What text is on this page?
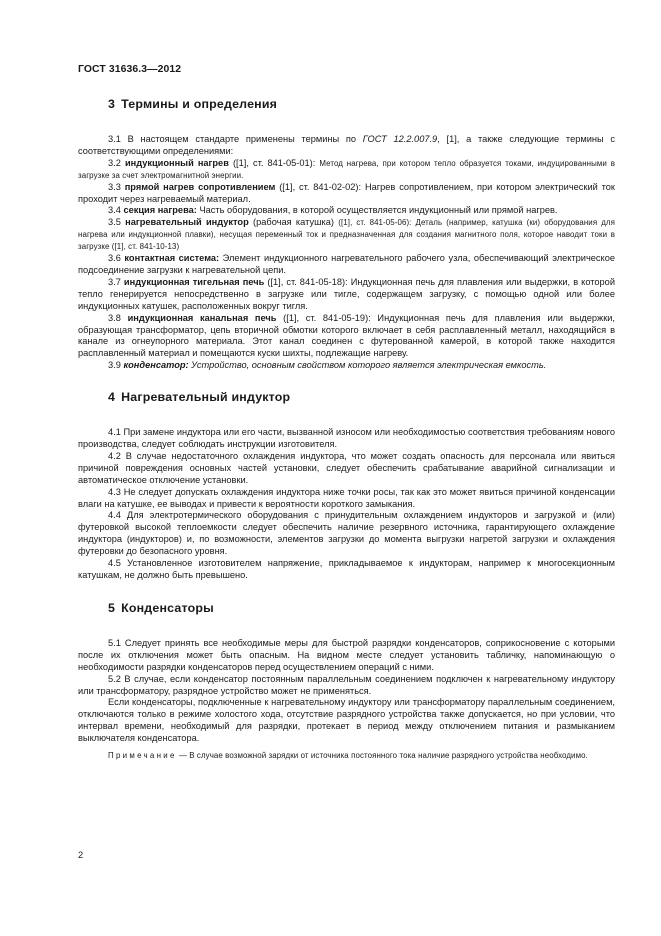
ГОСТ 31636.3—2012
3 Термины и определения

3.1 В настоящем стандарте применены термины по ГОСТ 12.2.007.9, [1], а также следующие термины с соответствующими определениями:

3.2 индукционный нагрев ([1], ст. 841-05-01): Метод нагрева, при котором тепло образуется токами, индуцированными в загрузке за счет электромагнитной энергии.

3.3 прямой нагрев сопротивлением ([1], ст. 841-02-02): Нагрев сопротивлением, при котором электрический ток проходит через нагреваемый материал.

3.4 секция нагрева: Часть оборудования, в которой осуществляется индукционный или прямой нагрев.

3.5 нагревательный индуктор (рабочая катушка) ([1], ст. 841-05-06): Деталь (например, катушка (ки) оборудования для нагрева или индукционной плавки), несущая переменный ток и предназначенная для создания магнитного поля, которое наводит токи в загрузке ([1], ст. 841-10-13)

3.6 контактная система: Элемент индукционного нагревательного рабочего узла, обеспечивающий электрическое подсоединение загрузки к нагревательной цепи.

3.7 индукционная тигельная печь ([1], ст. 841-05-18): Индукционная печь для плавления или выдержки, в которой тепло генерируется непосредственно в загрузке или тигле, содержащем загрузку, с помощью одной или более индукционных катушек, расположенных вокруг тигля.

3.8 индукционная канальная печь ([1], ст. 841-05-19): Индукционная печь для плавления или выдержки, образующая трансформатор, цепь вторичной обмотки которого включает в себя расплавленный металл, находящийся в канале из огнеупорного материала. Этот канал соединен с футерованной камерой, в которой также находится расплавленный материал и помещаются куски шихты, подлежащие нагреву.

3.9 конденсатор: Устройство, основным свойством которого является электрическая емкость.

4 Нагревательный индуктор

4.1 При замене индуктора или его части, вызванной износом или необходимостью соответствия требованиям нового производства, следует соблюдать инструкции изготовителя.

4.2 В случае недостаточного охлаждения индуктора, что может создать опасность для персонала или явиться причиной повреждения основных частей установки, следует обеспечить срабатывание аварийной сигнализации и автоматическое отключение установки.

4.3 Не следует допускать охлаждения индуктора ниже точки росы, так как это может явиться причиной конденсации влаги на катушке, ее выводах и привести к вероятности короткого замыкания.

4.4 Для электротермического оборудования с принудительным охлаждением индукторов и загрузкой и (или) футеровкой высокой теплоемкости следует обеспечить наличие резервного источника, гарантирующего охлаждение индуктора (индукторов) и, по возможности, элементов загрузки до момента выгрузки нагретой загрузки и охлаждения футеровки до безопасного уровня.

4.5 Установленное изготовителем напряжение, прикладываемое к индукторам, например к многосекционным катушкам, не должно быть превышено.

5 Конденсаторы

5.1 Следует принять все необходимые меры для быстрой разрядки конденсаторов, соприкосновение с которыми после их отключения может быть опасным. На видном месте следует установить табличку, напоминающую о необходимости разрядки конденсаторов перед осуществлением операций с ними.

5.2 В случае, если конденсатор постоянным параллельным соединением подключен к нагревательному индуктору или трансформатору, разрядное устройство может не применяться.

Если конденсаторы, подключенные к нагревательному индуктору или трансформатору параллельным соединением, отключаются только в режиме холостого хода, отсутствие разрядного устройства также допускается, но при условии, что интервал времени, необходимый для разрядки, протекает в период между отключением питания и размыканием выключателя конденсатора.

Примечание — В случае возможной зарядки от источника постоянного тока наличие разрядного устройства необходимо.

2
